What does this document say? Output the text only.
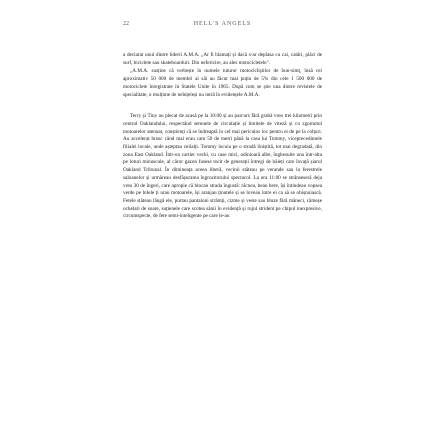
22	HELL'S ANGELS

a declarat unul dintre liderii A.M.A. „Ar fi blamați și dacă s-ar deplasa cu cai, catâri, plăci de surf, biciclete sau skateboarduri. Din nefericire, au ales motocicletele".

„A.M.A. susține că verbește în numele tuturor motocicliștilor de bun-simț, însă cei aproximativ 50 000 de membri ai săi au făcut mai puțin de 5% din cele 1 500 000 de motociclete înregistrate în Statele Unite în 1965. După cum se știe una dintre revistele de specialitate, o mulțime de neînțeleși nu intră în evidențele A.M.A.

Terry și Tiny au plecat de acasă pe la 10:00 și au parcurs fără grabă vreo trei kilometri prin centrul Oaklandului, respectând semnele de circulație și limitele de viteză și cu zgomotul motoarelor atenuat, conștienți că se îndreaptă în cel mai periculos loc pentru ei de pe la colțuri. Au accelerat brusc când mai erau cam 50 de metri până la casa lui Tommy, viceprecedintele filialei locale, unde așteptau ceilalți. Tommy locuia pe o stradă liniștită, tot mai degradată, din zona East Oakland. Într-un cartier vechi, cu case mici, odinioară albe, înghesuite una într-alta pe loturi minuscule, al căror gazon fusese tocit de generații întregi de băieți care învață șiarul Oakland Tribunal. În dimineața aceea liberă, vecinii stăteau pe verande sau la ferestrele saloanelor și urmăreau desfășurarea îngrozitorului spectacol. La ora 11:00 se strânseseră deja vreo 30 de îngeri, care apropie că blocau strada îngustă: răcnea, beau bere, își întindeau vopsea verde pe bilele ți urau motoarele, își aranjau ținutele și se loveau între ei ca să se obișnuiască. Fetele stăteau lângă ele, purtau pantaloni strâmți, cizme și veste sau bluze fără mâneci, cămeșe ochelari de soare, suțienele care scotea sânii în evidență și rujul strident pe chipul inexpresive, circumspecte, de fete semi-inteligente pe care le-au
